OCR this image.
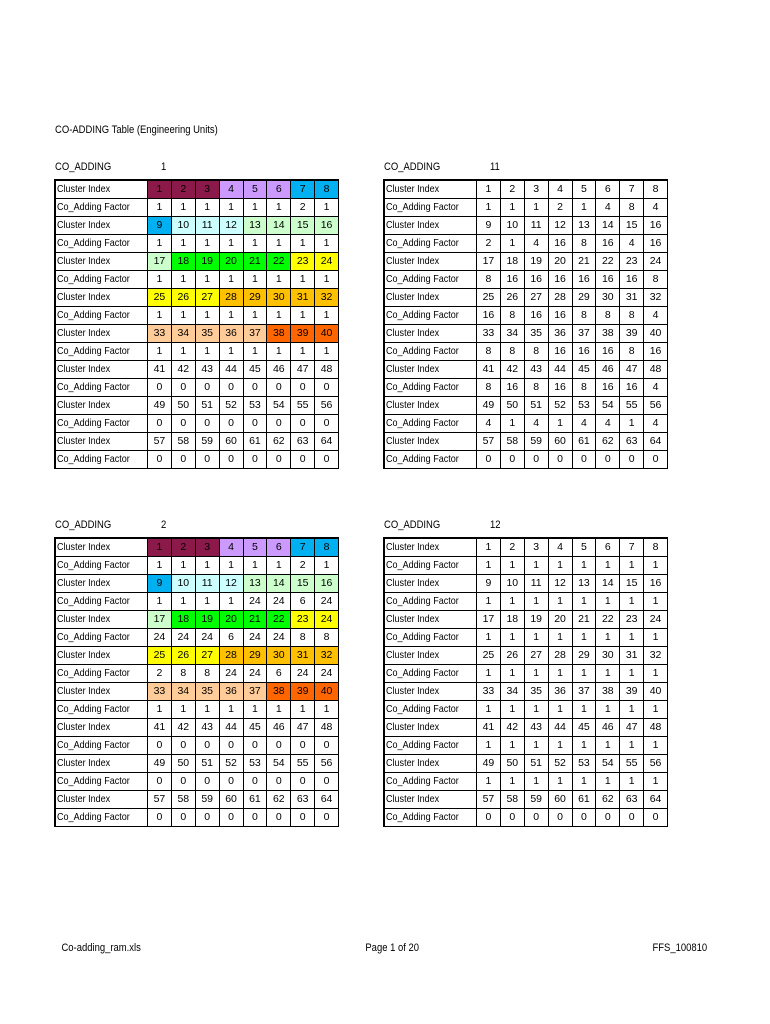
CO-ADDING Table (Engineering Units)
CO_ADDING	1
Cluster Index	1	2	3	4	5	6	7	8
Co_Adding Factor	1	1	1	1	1	1	2	1
Cluster Index	9	10	11	12	13	14	15	16
Co_Adding Factor	1	1	1	1	1	1	1	1
Cluster Index	17	18	19	20	21	22	23	24
Co_Adding Factor	1	1	1	1	1	1	1	1
Cluster Index	25	26	27	28	29	30	31	32
Co_Adding Factor	1	1	1	1	1	1	1	1
Cluster Index	33	34	35	36	37	38	39	40
Co_Adding Factor	1	1	1	1	1	1	1	1
Cluster Index	41	42	43	44	45	46	47	48
Co_Adding Factor	0	0	0	0	0	0	0	0
Cluster Index	49	50	51	52	53	54	55	56
Co_Adding Factor	0	0	0	0	0	0	0	0
Cluster Index	57	58	59	60	61	62	63	64
Co_Adding Factor	0	0	0	0	0	0	0	0
CO_ADDING	11
Cluster Index	1	2	3	4	5	6	7	8
Co_Adding Factor	1	1	1	2	1	4	8	4
Cluster Index	9	10	11	12	13	14	15	16
Co_Adding Factor	2	1	4	16	8	16	4	16
Cluster Index	17	18	19	20	21	22	23	24
Co_Adding Factor	8	16	16	16	16	16	16	8
Cluster Index	25	26	27	28	29	30	31	32
Co_Adding Factor	16	8	16	16	8	8	8	4
Cluster Index	33	34	35	36	37	38	39	40
Co_Adding Factor	8	8	8	16	16	16	8	16
Cluster Index	41	42	43	44	45	46	47	48
Co_Adding Factor	8	16	8	16	8	16	16	4
Cluster Index	49	50	51	52	53	54	55	56
Co_Adding Factor	4	1	4	1	4	4	1	4
Cluster Index	57	58	59	60	61	62	63	64
Co_Adding Factor	0	0	0	0	0	0	0	0
CO_ADDING	2
Cluster Index	1	2	3	4	5	6	7	8
Co_Adding Factor	1	1	1	1	1	1	2	1
Cluster Index	9	10	11	12	13	14	15	16
Co_Adding Factor	1	1	1	1	24	24	6	24
Cluster Index	17	18	19	20	21	22	23	24
Co_Adding Factor	24	24	24	6	24	24	8	8
Cluster Index	25	26	27	28	29	30	31	32
Co_Adding Factor	2	8	8	24	24	6	24	24
Cluster Index	33	34	35	36	37	38	39	40
Co_Adding Factor	1	1	1	1	1	1	1	1
Cluster Index	41	42	43	44	45	46	47	48
Co_Adding Factor	0	0	0	0	0	0	0	0
Cluster Index	49	50	51	52	53	54	55	56
Co_Adding Factor	0	0	0	0	0	0	0	0
Cluster Index	57	58	59	60	61	62	63	64
Co_Adding Factor	0	0	0	0	0	0	0	0
CO_ADDING	12
Cluster Index	1	2	3	4	5	6	7	8
Co_Adding Factor	1	1	1	1	1	1	1	1
Cluster Index	9	10	11	12	13	14	15	16
Co_Adding Factor	1	1	1	1	1	1	1	1
Cluster Index	17	18	19	20	21	22	23	24
Co_Adding Factor	1	1	1	1	1	1	1	1
Cluster Index	25	26	27	28	29	30	31	32
Co_Adding Factor	1	1	1	1	1	1	1	1
Cluster Index	33	34	35	36	37	38	39	40
Co_Adding Factor	1	1	1	1	1	1	1	1
Cluster Index	41	42	43	44	45	46	47	48
Co_Adding Factor	1	1	1	1	1	1	1	1
Cluster Index	49	50	51	52	53	54	55	56
Co_Adding Factor	1	1	1	1	1	1	1	1
Cluster Index	57	58	59	60	61	62	63	64
Co_Adding Factor	0	0	0	0	0	0	0	0
Co-adding_ram.xls	Page 1 of 20	FFS_100810
